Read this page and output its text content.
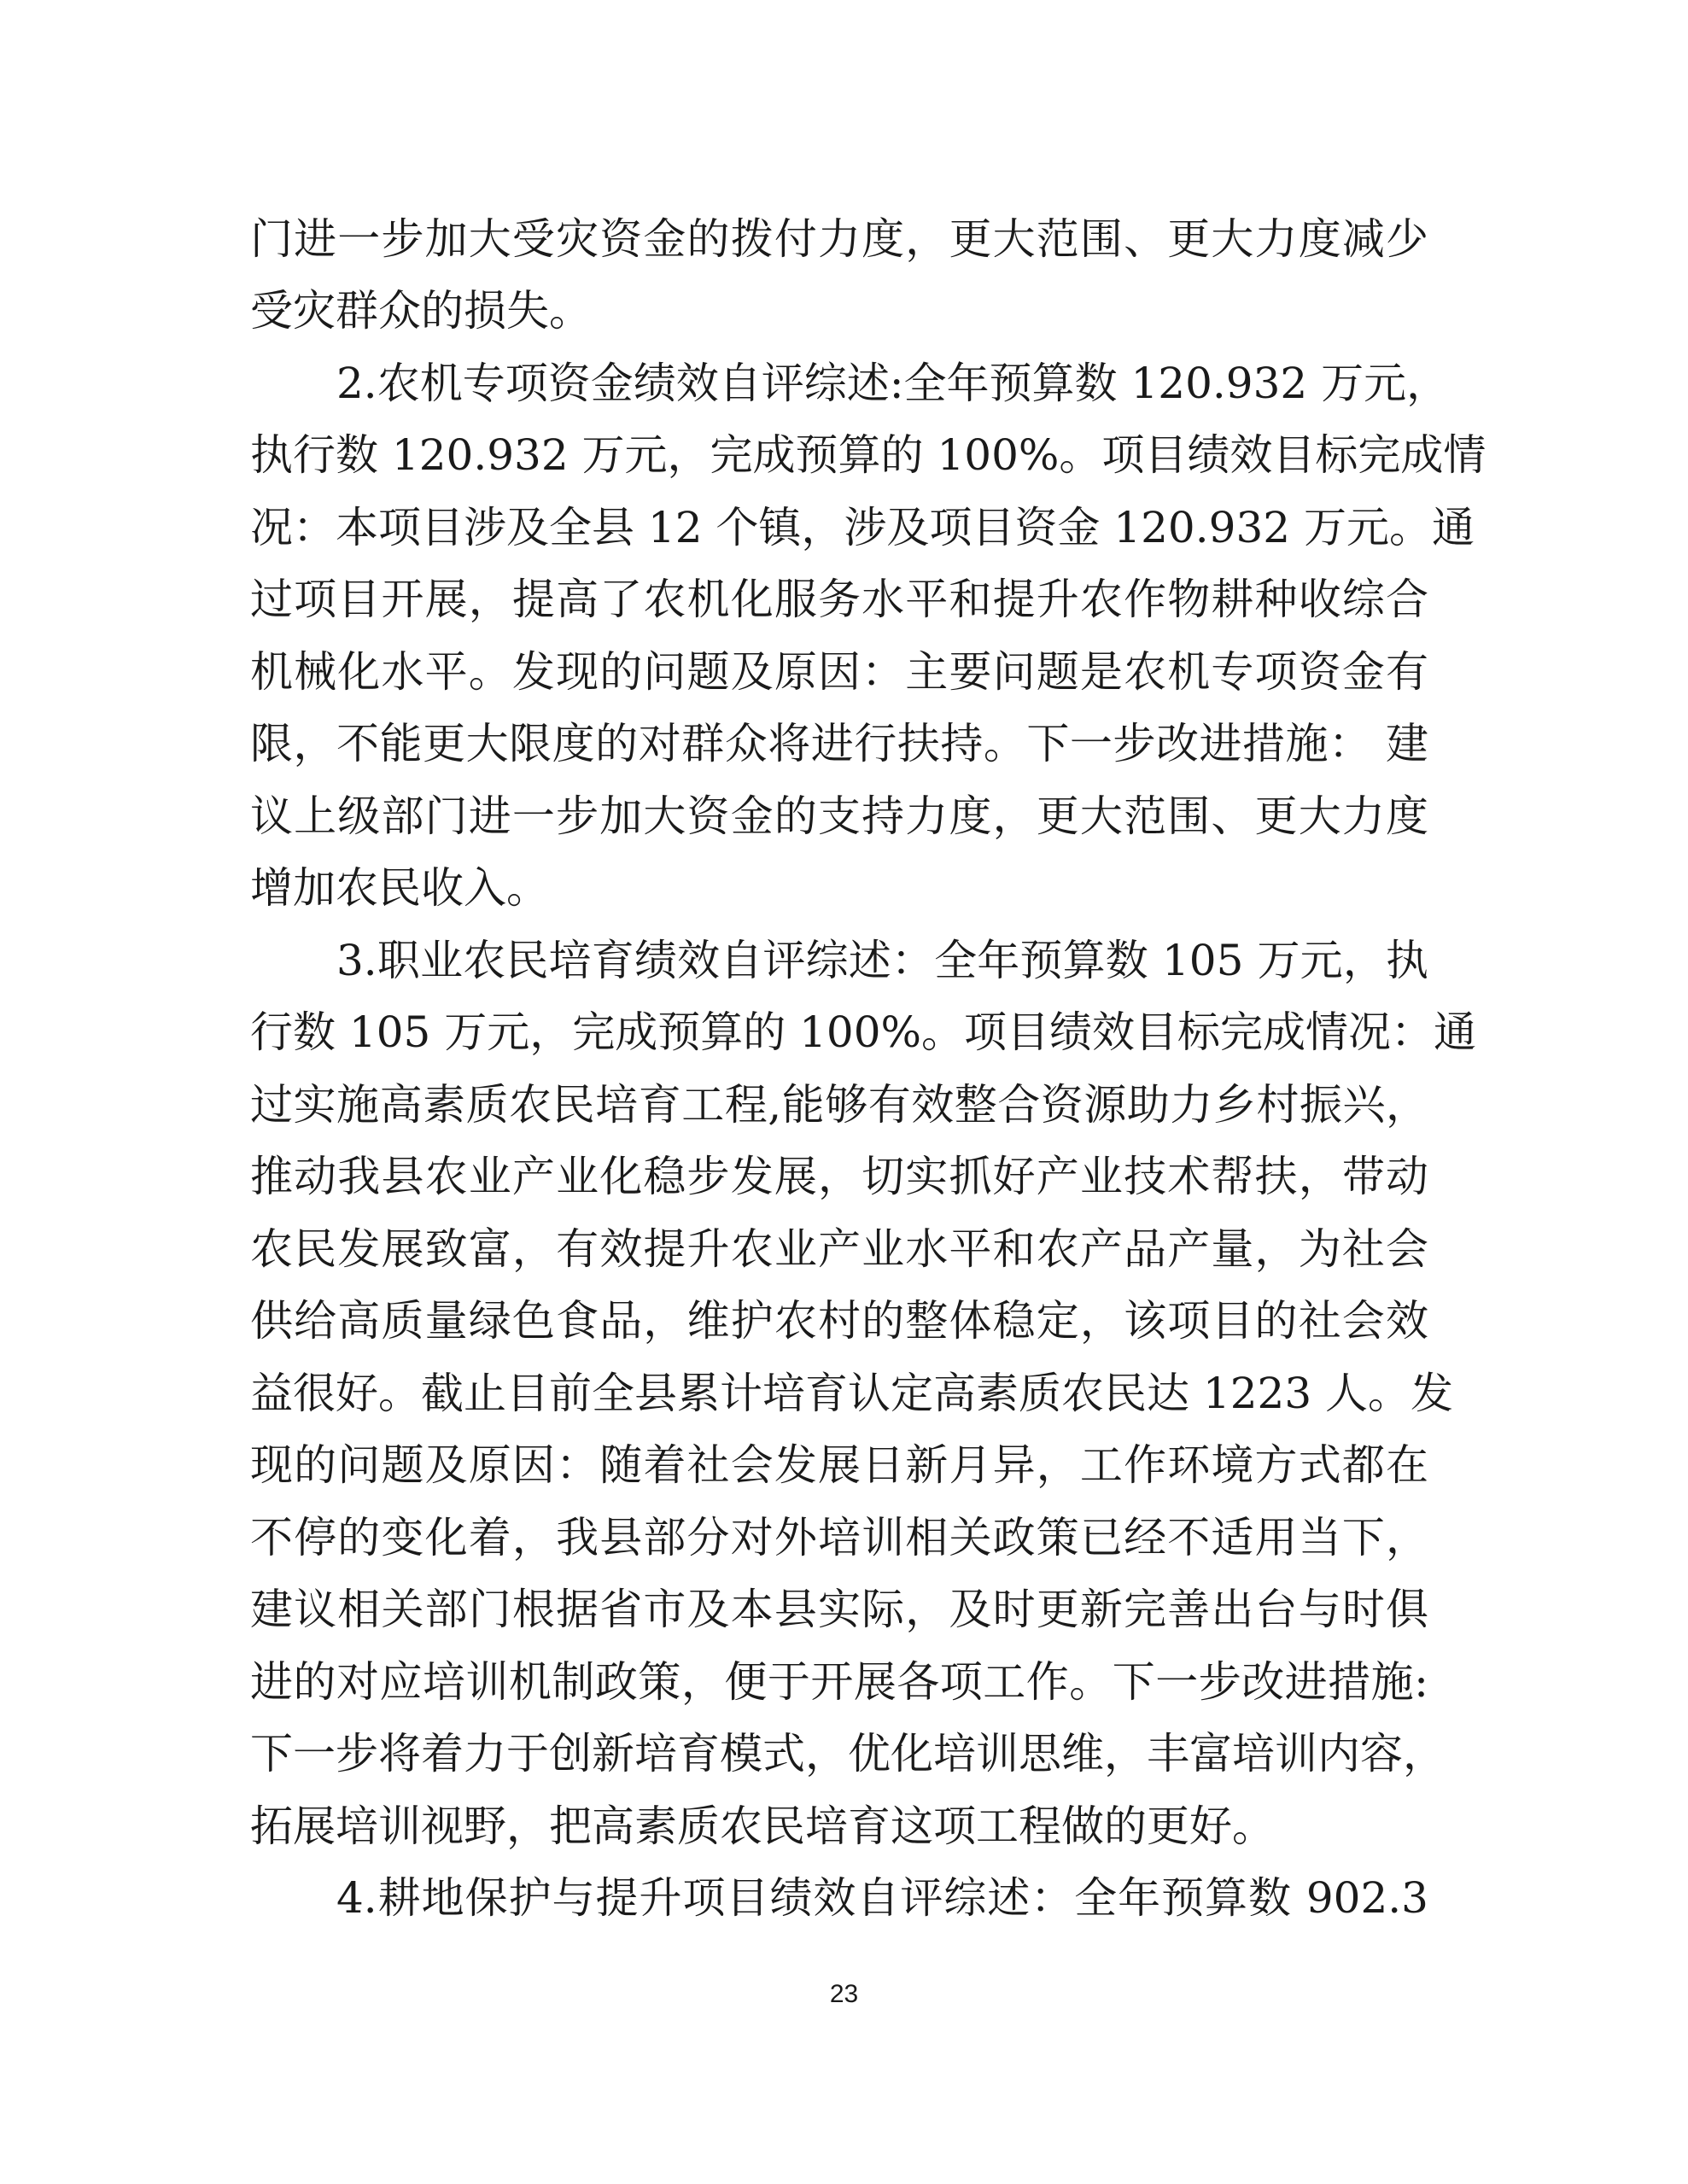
门进一步加大受灾资金的拨付力度，更大范围、更大力度减少
受灾群众的损失。
2.农机专项资金绩效自评综述:全年预算数 120.932 万元，
执行数 120.932 万元，完成预算的 100%。项目绩效目标完成情
况：本项目涉及全县 12 个镇，涉及项目资金 120.932 万元。通
过项目开展，提高了农机化服务水平和提升农作物耕种收综合
机械化水平。发现的问题及原因：主要问题是农机专项资金有
限，不能更大限度的对群众将进行扶持。下一步改进措施： 建
议上级部门进一步加大资金的支持力度，更大范围、更大力度
增加农民收入。
3.职业农民培育绩效自评综述：全年预算数 105 万元，执
行数 105 万元，完成预算的 100%。项目绩效目标完成情况：通
过实施高素质农民培育工程,能够有效整合资源助力乡村振兴，
推动我县农业产业化稳步发展，切实抓好产业技术帮扶，带动
农民发展致富，有效提升农业产业水平和农产品产量，为社会
供给高质量绿色食品，维护农村的整体稳定，该项目的社会效
益很好。截止目前全县累计培育认定高素质农民达 1223 人。发
现的问题及原因：随着社会发展日新月异，工作环境方式都在
不停的变化着，我县部分对外培训相关政策已经不适用当下，
建议相关部门根据省市及本县实际，及时更新完善出台与时俱
进的对应培训机制政策，便于开展各项工作。下一步改进措施:
下一步将着力于创新培育模式，优化培训思维，丰富培训内容，
拓展培训视野，把高素质农民培育这项工程做的更好。
4.耕地保护与提升项目绩效自评综述：全年预算数 902.3
23
